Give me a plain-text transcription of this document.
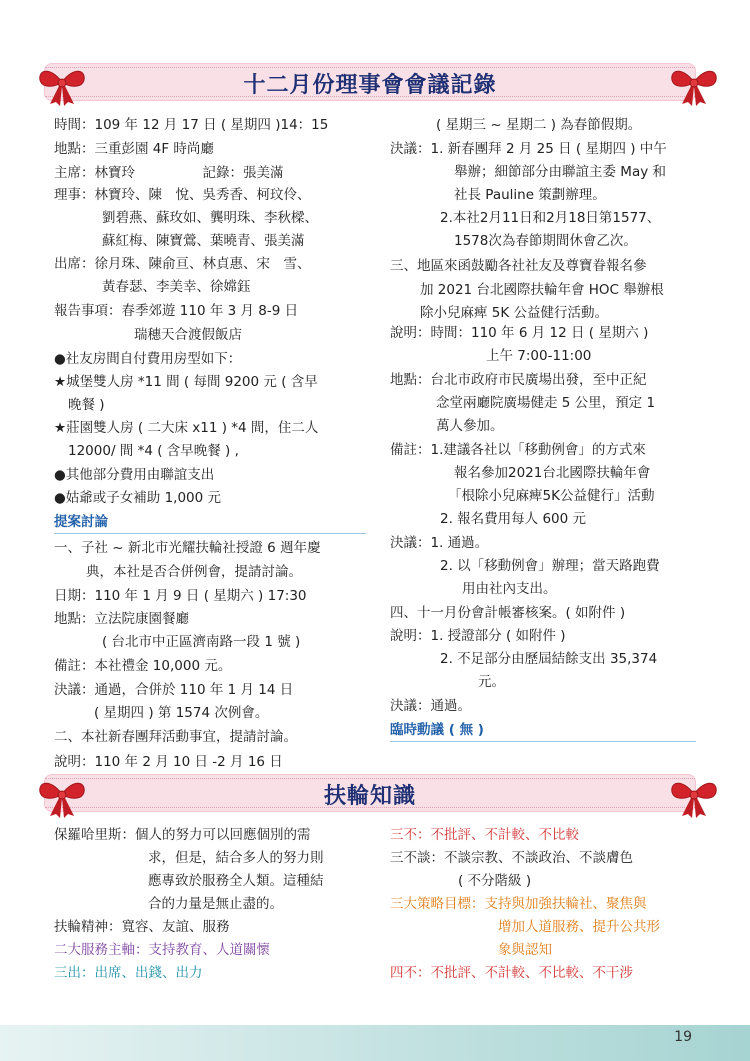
十二月份理事會會議記錄
時間：109 年 12 月 17 日 ( 星期四 )14：15
地點：三重彭園 4F 時尚廳
主席：林寶玲　　　　　記錄：張美滿
理事：林寶玲、陳　悅、吳秀香、柯玟伶、
劉碧燕、蘇玫如、龔明珠、李秋樑、
蘇紅梅、陳寶鶯、葉曉青、張美滿
出席：徐月珠、陳俞亘、林貞惠、宋　雪、
黃春瑟、李美幸、徐嫦鈺
報告事項：春季郊遊 110 年 3 月 8-9 日
瑞穗天合渡假飯店
●社友房間自付費用房型如下：
★城堡雙人房 *11 間 ( 每間 9200 元 ( 含早
晚餐 )
★莊園雙人房 ( 二大床 x11 ) *4 間，住二人
12000/ 間 *4 ( 含早晚餐 ) ,
●其他部分費用由聯誼支出
●姑爺或子女補助 1,000 元
提案討論
一、子社 ~ 新北市光耀扶輪社授證 6 週年慶
典，本社是否合併例會，提請討論。
日期：110 年 1 月 9 日 ( 星期六 ) 17:30
地點：立法院康園餐廳
( 台北市中正區濟南路一段 1 號 )
備註：本社禮金 10,000 元。
決議：通過，合併於 110 年 1 月 14 日
( 星期四 ) 第 1574 次例會。
二、本社新春團拜活動事宜，提請討論。
說明：110 年 2 月 10 日 -2 月 16 日
( 星期三 ~ 星期二 ) 為春節假期。
決議：1. 新春團拜 2 月 25 日 ( 星期四 ) 中午
舉辦；細節部分由聯誼主委 May 和
社長 Pauline 策劃辦理。
2.本社2月11日和2月18日第1577、
1578次為春節期間休會乙次。
三、地區來函鼓勵各社社友及尊寶眷報名參
加 2021 台北國際扶輪年會 HOC 舉辦根
除小兒麻痺 5K 公益健行活動。
說明：時間：110 年 6 月 12 日 ( 星期六 )
上午 7:00-11:00
地點：台北市政府市民廣場出發，至中正紀
念堂兩廳院廣場健走 5 公里，預定 1
萬人參加。
備註：1.建議各社以「移動例會」的方式來
報名參加2021台北國際扶輪年會
「根除小兒麻痺5K公益健行」活動
2. 報名費用每人 600 元
決議：1. 通過。
2. 以「移動例會」辦理；當天路跑費
用由社內支出。
四、十一月份會計帳審核案。( 如附件 )
說明：1. 授證部分 ( 如附件 )
2. 不足部分由歷屆結餘支出 35,374
元。
決議：通過。
臨時動議 ( 無 )
扶輪知識
保羅哈里斯：個人的努力可以回應個別的需
求，但是，結合多人的努力則
應專致於服務全人類。這種結
合的力量是無止盡的。
扶輪精神：寬容、友誼、服務
二大服務主軸：支持教育、人道關懷
三出：出席、出錢、出力
三不：不批評、不計較、不比較
三不談：不談宗教、不談政治、不談膚色
( 不分階級 )
三大策略目標：支持與加強扶輪社、聚焦與
增加人道服務、提升公共形
象與認知
四不：不批評、不計較、不比較、不干涉
19
